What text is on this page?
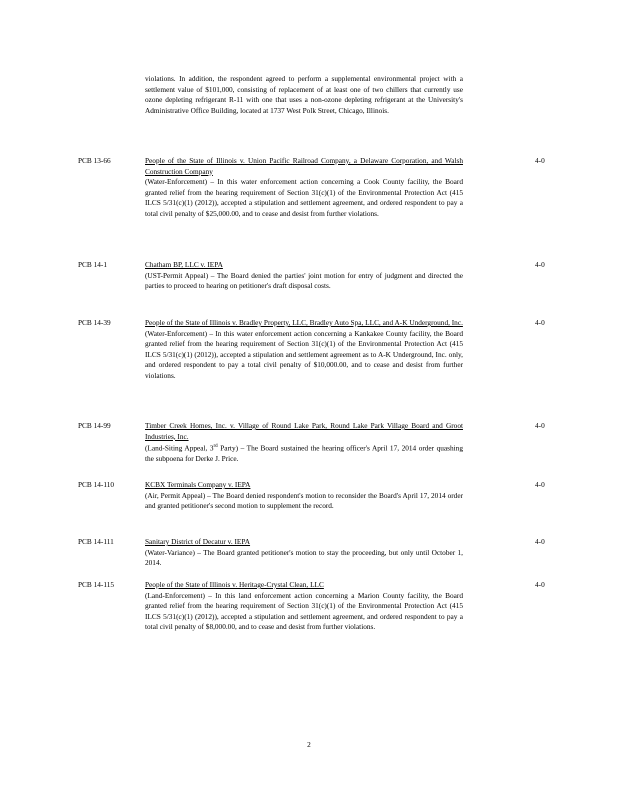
violations. In addition, the respondent agreed to perform a supplemental environmental project with a settlement value of $101,000, consisting of replacement of at least one of two chillers that currently use ozone depleting refrigerant R-11 with one that uses a non-ozone depleting refrigerant at the University's Administrative Office Building, located at 1737 West Polk Street, Chicago, Illinois.

PCB 13-66	People of the State of Illinois v. Union Pacific Railroad Company, a Delaware Corporation, and Walsh Construction Company

(Water-Enforcement) – In this water enforcement action concerning a Cook County facility, the Board granted relief from the hearing requirement of Section 31(c)(1) of the Environmental Protection Act (415 ILCS 5/31(c)(1) (2012)), accepted a stipulation and settlement agreement, and ordered respondent to pay a total civil penalty of $25,000.00, and to cease and desist from further violations.

4-0
PCB 14-1	Chatham BP, LLC v. IEPA

(UST-Permit Appeal) – The Board denied the parties' joint motion for entry of judgment and directed the parties to proceed to hearing on petitioner's draft disposal costs.

4-0
PCB 14-39	People of the State of Illinois v. Bradley Property, LLC, Bradley Auto Spa, LLC, and A-K Underground, Inc.

(Water-Enforcement) – In this water enforcement action concerning a Kankakee County facility, the Board granted relief from the hearing requirement of Section 31(c)(1) of the Environmental Protection Act (415 ILCS 5/31(c)(1) (2012)), accepted a stipulation and settlement agreement as to A-K Underground, Inc. only, and ordered respondent to pay a total civil penalty of $10,000.00, and to cease and desist from further violations.

4-0
PCB 14-99	Timber Creek Homes, Inc. v. Village of Round Lake Park, Round Lake Park Village Board and Groot Industries, Inc.

(Land-Siting Appeal, 3rd Party) – The Board sustained the hearing officer's April 17, 2014 order quashing the subpoena for Derke J. Price.

4-0
PCB 14-110	KCBX Terminals Company v. IEPA

(Air, Permit Appeal) – The Board denied respondent's motion to reconsider the Board's April 17, 2014 order and granted petitioner's second motion to supplement the record.

4-0
PCB 14-111	Sanitary District of Decatur v. IEPA

(Water-Variance) – The Board granted petitioner's motion to stay the proceeding, but only until October 1, 2014.

4-0
PCB 14-115	People of the State of Illinois v. Heritage-Crystal Clean, LLC

(Land-Enforcement) – In this land enforcement action concerning a Marion County facility, the Board granted relief from the hearing requirement of Section 31(c)(1) of the Environmental Protection Act (415 ILCS 5/31(c)(1) (2012)), accepted a stipulation and settlement agreement, and ordered respondent to pay a total civil penalty of $8,000.00, and to cease and desist from further violations.

4-0
2
